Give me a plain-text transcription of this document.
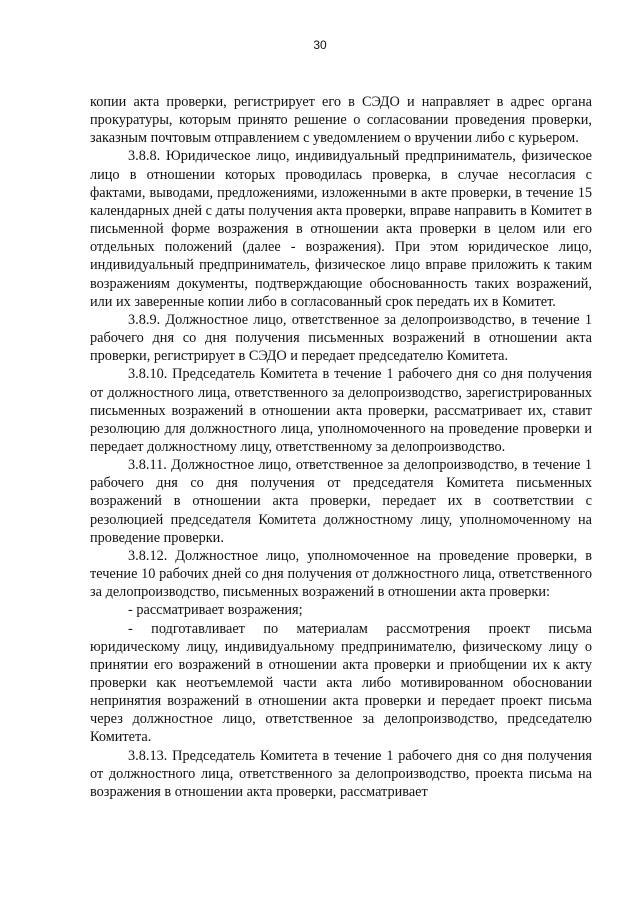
30

копии акта проверки, регистрирует его в СЭДО и направляет в адрес органа прокуратуры, которым принято решение о согласовании проведения проверки, заказным почтовым отправлением с уведомлением о вручении либо с курьером.

3.8.8. Юридическое лицо, индивидуальный предприниматель, физическое лицо в отношении которых проводилась проверка, в случае несогласия с фактами, выводами, предложениями, изложенными в акте проверки, в течение 15 календарных дней с даты получения акта проверки, вправе направить в Комитет в письменной форме возражения в отношении акта проверки в целом или его отдельных положений (далее - возражения). При этом юридическое лицо, индивидуальный предприниматель, физическое лицо вправе приложить к таким возражениям документы, подтверждающие обоснованность таких возражений, или их заверенные копии либо в согласованный срок передать их в Комитет.

3.8.9. Должностное лицо, ответственное за делопроизводство, в течение 1 рабочего дня со дня получения письменных возражений в отношении акта проверки, регистрирует в СЭДО и передает председателю Комитета.

3.8.10. Председатель Комитета в течение 1 рабочего дня со дня получения от должностного лица, ответственного за делопроизводство, зарегистрированных письменных возражений в отношении акта проверки, рассматривает их, ставит резолюцию для должностного лица, уполномоченного на проведение проверки и передает должностному лицу, ответственному за делопроизводство.

3.8.11. Должностное лицо, ответственное за делопроизводство, в течение 1 рабочего дня со дня получения от председателя Комитета письменных возражений в отношении акта проверки, передает их в соответствии с резолюцией председателя Комитета должностному лицу, уполномоченному на проведение проверки.

3.8.12. Должностное лицо, уполномоченное на проведение проверки, в течение 10 рабочих дней со дня получения от должностного лица, ответственного за делопроизводство, письменных возражений в отношении акта проверки:

- рассматривает возражения;

- подготавливает по материалам рассмотрения проект письма юридическому лицу, индивидуальному предпринимателю, физическому лицу о принятии его возражений в отношении акта проверки и приобщении их к акту проверки как неотъемлемой части акта либо мотивированном обосновании непринятия возражений в отношении акта проверки и передает проект письма через должностное лицо, ответственное за делопроизводство, председателю Комитета.

3.8.13. Председатель Комитета в течение 1 рабочего дня со дня получения от должностного лица, ответственного за делопроизводство, проекта письма на возражения в отношении акта проверки, рассматривает
